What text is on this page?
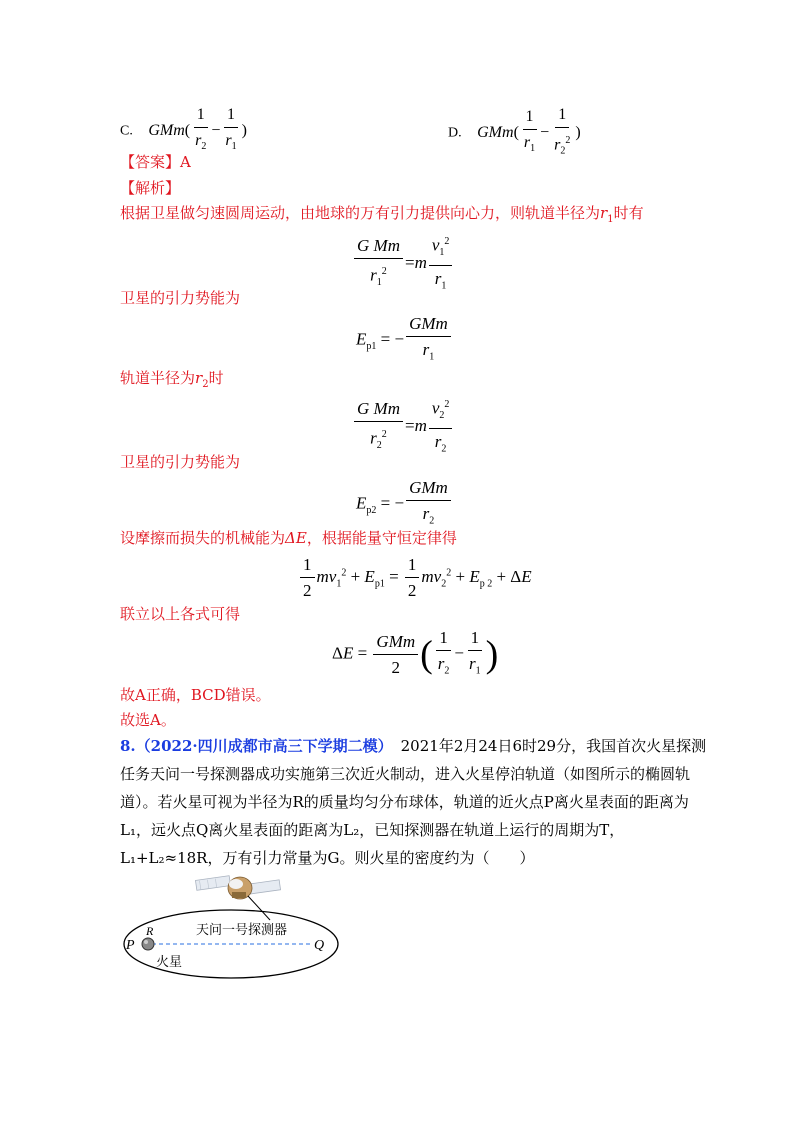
C. $GMm( \frac{1}{r_2} - \frac{1}{r_1}$ )	D. $GMm( \frac{1}{r_1} - \frac{1}{r_2^2}$ )
【答案】A
【解析】
根据卫星做匀速圆周运动，由地球的万有引力提供向心力，则轨道半径为$r_1$时有
$\frac{\text{G Mm}}{r_1^2} =m \frac{v_1^2}{r_1}$
卫星的引力势能为
$E_{p1}$ = − $\frac{\text{GMm}}{r_1}$
轨道半径为$r_2$时
$\frac{\text{G Mm}}{r_2^2} =m \frac{v_2^2}{r_2}$
卫星的引力势能为
$E_{p2}$ = − $\frac{\text{GMm}}{r_2}$
设摩擦而损失的机械能为ΔE，根据能量守恒定律得
$\frac{1}{2} mv_1^2 + E_{p1} = \frac{1}{2} mv_2^2 + E_{p 2} + \Delta E$
联立以上各式可得
$\Delta E = \frac{\text{GMm}}{2}$ ( $\frac{1}{r_2} - \frac{1}{r_1}$ )
故A正确，BCD错误。
故选A。

8.（2022·四川成都市高三下学期二模） 2021年2月24日6时29分，我国首次火星探测

任务天问一号探测器成功实施第三次近火制动，进入火星停泊轨道（如图所示的椭圆轨

道）。若火星可视为半径为R的质量均匀分布球体，轨道的近火点P离火星表面的距离为

L₁，远火点Q离火星表面的距离为L₂，已知探测器在轨道上运行的周期为T，

L₁+L₂≈18R，万有引力常量为G。则火星的密度约为（　　）

P	Q
R
火星
天问一号探测器
